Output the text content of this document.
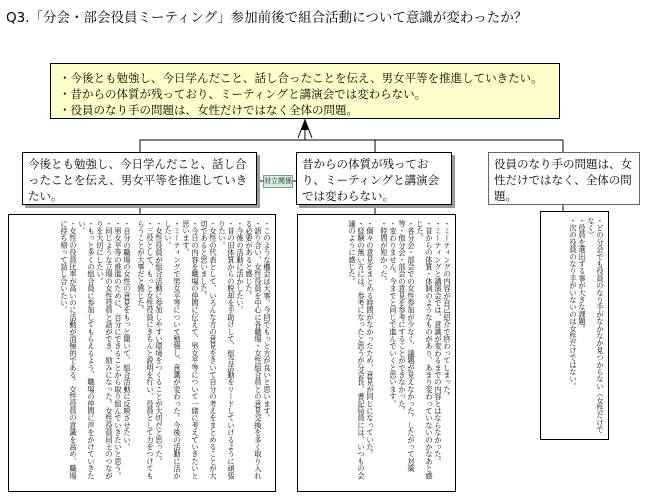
Q3.「分会・部会役員ミーティング」参加前後で組合活動について意識が変わったか？
・今後とも勉強し、今日学んだこと、話し合ったことを伝え、男女平等を推進していきたい。
・昔からの体質が残っており、ミーティングと講演会では変わらない。
・役員のなり手の問題は、女性だけではなく全体の問題。
今後とも勉強し、今日学んだこと、話し合ったことを伝え、男女平等を推進していきたい。
対立関係
昔からの体質が残っており、ミーティングと講演会では変わらない。
役員のなり手の問題は、女性だけではなく、全体の問題。

・このような機会は大事。今回でもっと方が良いと思います。

・語り合い、女性役員を中心に各職場・女性組合員との意見交換を多く取り入れる必要があると感じた。

・今後の活動に活かしたい。

・昔の旧体質からの脱却を手助けして、組合活動をリードしていけるように頑張りたい。

・女性の代表として、いろんな方の意見をきいて自分の考えをまとめることが大切であると思いました。

・今日の内容を職場の仲間に伝えて、男女平等について一緒に考えていきたいと思います。

・ミーティングで男女平等について勉強し、意識が変わった。今後の活動に活かしたい。

・女性役員が組合活動に参加しやすい環境をつくることが大切だと思った。

・三役として、もっと女性役員にきちんと説明を行い、役員として力をつけてもらうことが大事だと感じた。

・自分の職場の女性の意見をもっと聞いて、組合活動に反映させたい。

・男女平等の推進のために、自分にできることから取り組んでいきたいと思う。

・同じような立場の女性役員と話ができ、励みになった。女性役員同士のつながりを大切にしたい。

・もっと多くの組合員に参加してもらえるよう、職場の仲間に声をかけていきたい。

・女性の役員比率が高いのに活動が消極的である。女性役員の意識を高め、職場に持ち帰って話し合いたい。	・ミーティングの内容が自己紹介で終わってしまった。

・ミーティングと講演会では、意識が変わるまでの内容とはならなかった。

・昔からの体質・体制のようなものがあり、あまり変わっていないのかなあと感じた。

・各分会・部会での女性参加が少なく、議題が見えなかった。したがって対策等・他分会・部会の意見を参考にすることができなかった。

・変わりません。今までと同じで進んでいくと思います。

・時間が短かった。

・個々の意見をまとめる時間がなかったため、意見が同じになっていた。

・経験の無い方には、参考になったと思うが分会長、書記局員には、いつもの会議のように感じた。	・どの分会でも役員のなり手がなかなか見つからない（女性だけでなく）

・役員を選出する事が大きな課題。

・次の役員のなり手がいないのは女性だけではない。
